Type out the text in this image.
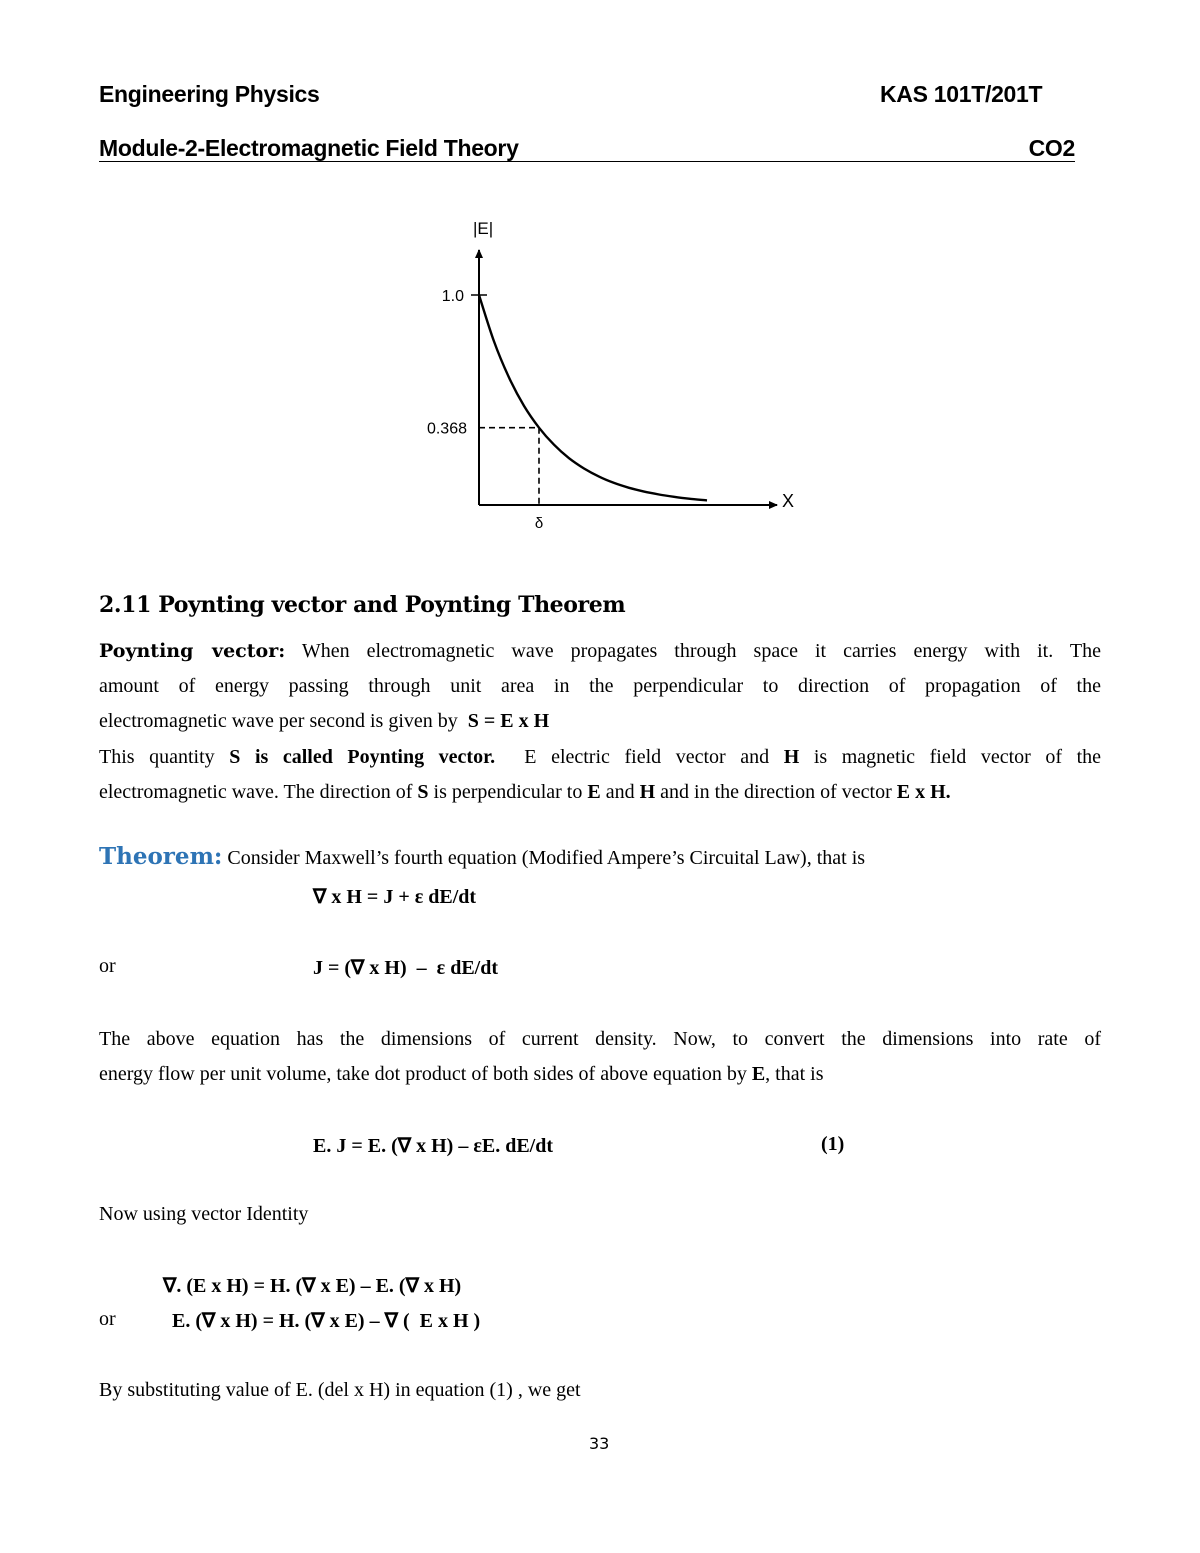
Engineering Physics	KAS 101T/201T
Module-2-Electromagnetic Field Theory	CO2
|E|
X
1.0
0.368
δ
2.11 Poynting vector and Poynting Theorem
Poynting vector: When electromagnetic wave propagates through space it carries energy with it. The
amount of energy passing through unit area in the perpendicular to direction of propagation of the
electromagnetic wave per second is given by S = E x H
This quantity S is called Poynting vector. E electric field vector and H is magnetic field vector of the
electromagnetic wave. The direction of S is perpendicular to E and H and in the direction of vector E x H.
Theorem: Consider Maxwell’s fourth equation (Modified Ampere’s Circuital Law), that is
∇ x H = J + ε dE/dt
or	J = (∇ x H)  –  ε dE/dt
The above equation has the dimensions of current density. Now, to convert the dimensions into rate of
energy flow per unit volume, take dot product of both sides of above equation by E, that is
E. J = E. (∇ x H) – εE. dE/dt	(1)
Now using vector Identity
∇. (E x H) = H. (∇ x E) – E. (∇ x H)
or	E. (∇ x H) = H. (∇ x E) – ∇ (  E x H )
By substituting value of E. (del x H) in equation (1) , we get
33
